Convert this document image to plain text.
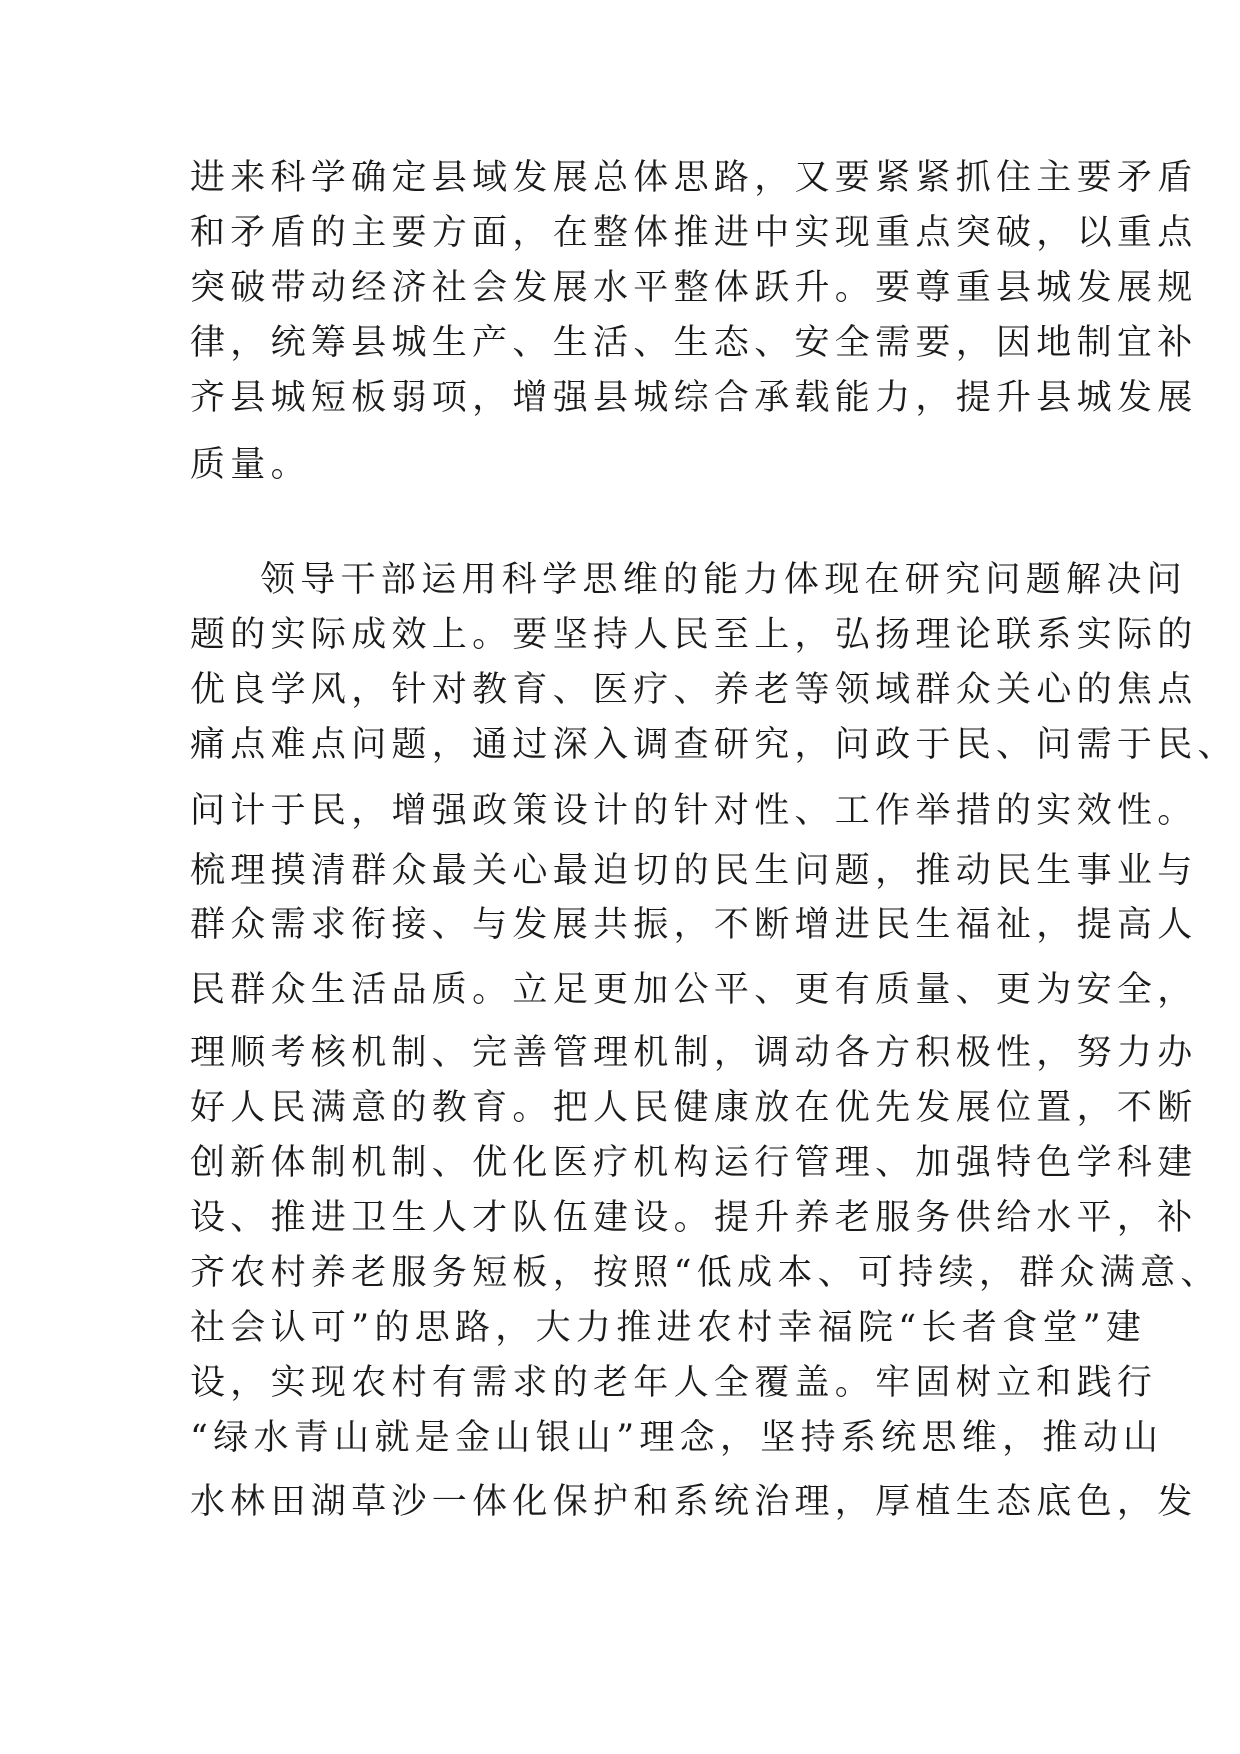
进来科学确定县域发展总体思路，又要紧紧抓住主要矛盾

和矛盾的主要方面，在整体推进中实现重点突破，以重点

突破带动经济社会发展水平整体跃升。要尊重县城发展规

律，统筹县城生产、生活、生态、安全需要，因地制宜补

齐县城短板弱项，增强县城综合承载能力，提升县城发展

质量。

领导干部运用科学思维的能力体现在研究问题解决问

题的实际成效上。要坚持人民至上，弘扬理论联系实际的

优良学风，针对教育、医疗、养老等领域群众关心的焦点

痛点难点问题，通过深入调查研究，问政于民、问需于民、

问计于民，增强政策设计的针对性、工作举措的实效性。

梳理摸清群众最关心最迫切的民生问题，推动民生事业与

群众需求衔接、与发展共振，不断增进民生福祉，提高人

民群众生活品质。立足更加公平、更有质量、更为安全，

理顺考核机制、完善管理机制，调动各方积极性，努力办

好人民满意的教育。把人民健康放在优先发展位置，不断

创新体制机制、优化医疗机构运行管理、加强特色学科建

设、推进卫生人才队伍建设。提升养老服务供给水平，补

齐农村养老服务短板，按照“低成本、可持续，群众满意、

社会认可”的思路，大力推进农村幸福院“长者食堂”建

设，实现农村有需求的老年人全覆盖。牢固树立和践行

“绿水青山就是金山银山”理念，坚持系统思维，推动山

水林田湖草沙一体化保护和系统治理，厚植生态底色，发
